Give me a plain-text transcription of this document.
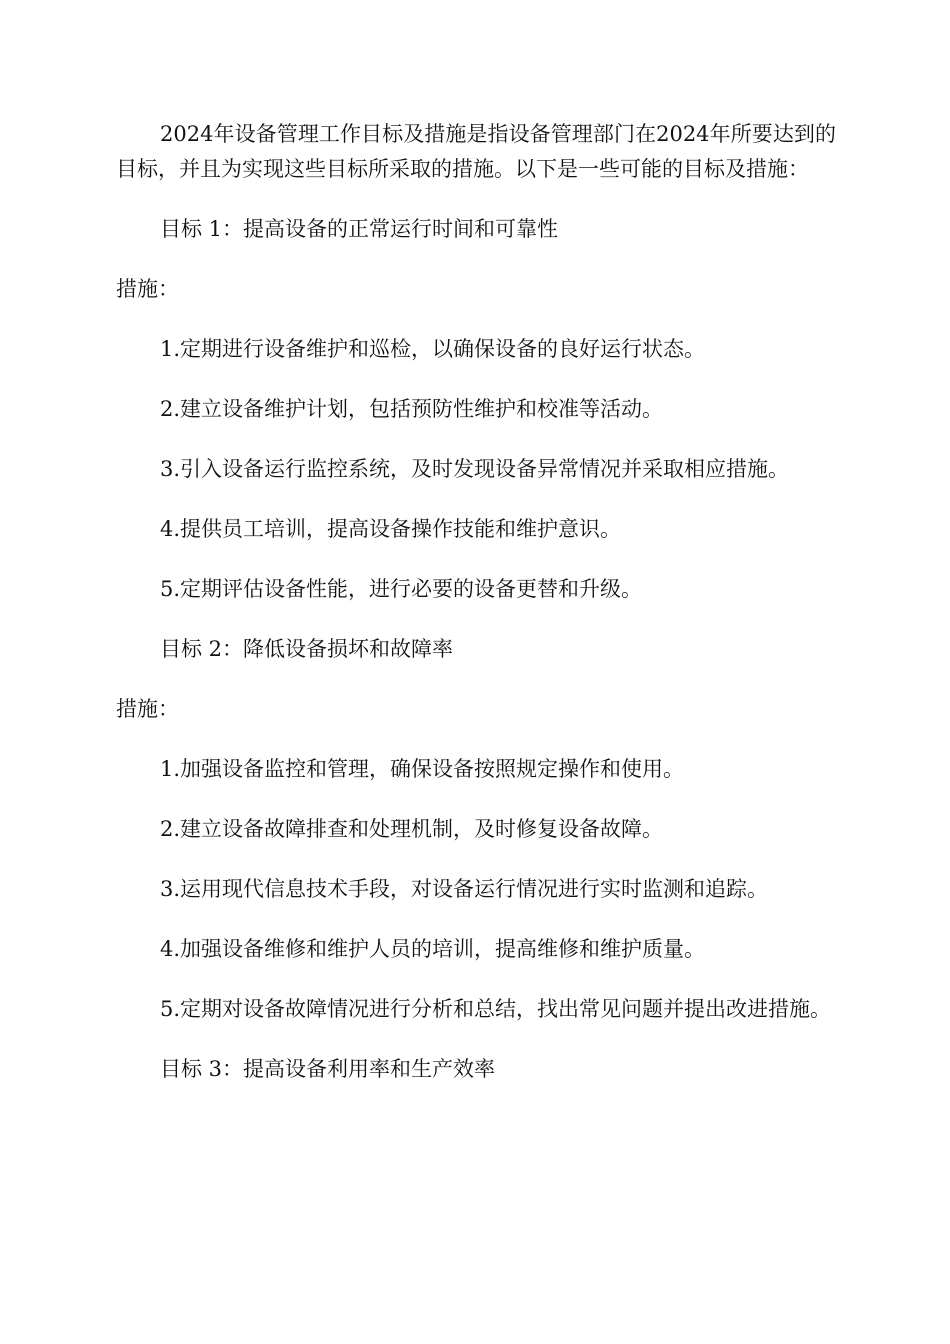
2024年设备管理工作目标及措施是指设备管理部门在2024年所要达到的目标，并且为实现这些目标所采取的措施。以下是一些可能的目标及措施：

目标 1：提高设备的正常运行时间和可靠性

措施：

1.定期进行设备维护和巡检，以确保设备的良好运行状态。

2.建立设备维护计划，包括预防性维护和校准等活动。

3.引入设备运行监控系统，及时发现设备异常情况并采取相应措施。

4.提供员工培训，提高设备操作技能和维护意识。

5.定期评估设备性能，进行必要的设备更替和升级。

目标 2：降低设备损坏和故障率

措施：

1.加强设备监控和管理，确保设备按照规定操作和使用。

2.建立设备故障排查和处理机制，及时修复设备故障。

3.运用现代信息技术手段，对设备运行情况进行实时监测和追踪。

4.加强设备维修和维护人员的培训，提高维修和维护质量。

5.定期对设备故障情况进行分析和总结，找出常见问题并提出改进措施。

目标 3：提高设备利用率和生产效率
